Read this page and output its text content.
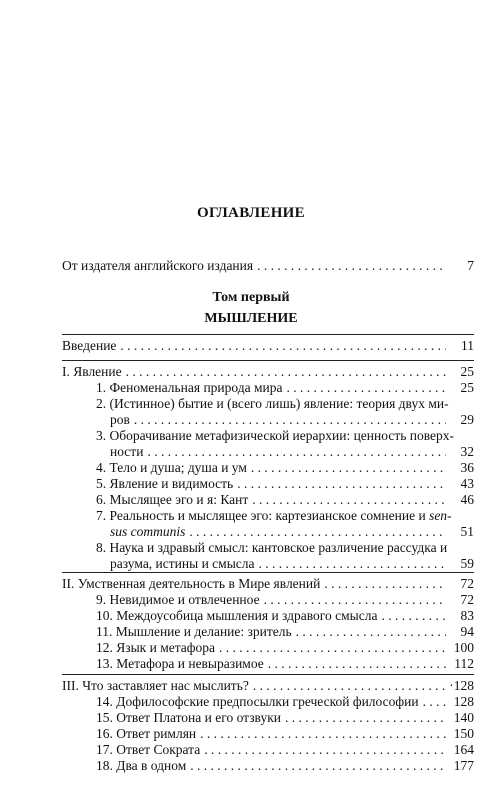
ОГЛАВЛЕНИЕ
От издателя английского издания . . .	7
Том первый
МЫШЛЕНИЕ
Введение . . .	11
I. Явление . . .	25
1. Феноменальная природа мира . . .	25
2. (Истинное) бытие и (всего лишь) явление: теория двух ми-
ров . . .	29
3. Оборачивание метафизической иерархии: ценность поверх-
ности . . .	32
4. Тело и душа; душа и ум . . .	36
5. Явление и видимость . . .	43
6. Мыслящее эго и я: Кант . . .	46
7. Реальность и мыслящее эго: картезианское сомнение и sen-
sus communis . . .	51
8. Наука и здравый смысл: кантовское различение рассудка и
разума, истины и смысла . . .	59
II. Умственная деятельность в Мире явлений . . .	72
9. Невидимое и отвлеченное . . .	72
10. Междоусобица мышления и здравого смысла . . .	83
11. Мышление и делание: зритель . . .	94
12. Язык и метафора . . .	100
13. Метафора и невыразимое . . .	112
III. Что заставляет нас мыслить? . . .	·128
14. Дофилософские предпосылки греческой философии . . .	128
15. Ответ Платона и его отзвуки . . .	140
16. Ответ римлян . . .	150
17. Ответ Сократа . . .	164
18. Два в одном . . .	177
